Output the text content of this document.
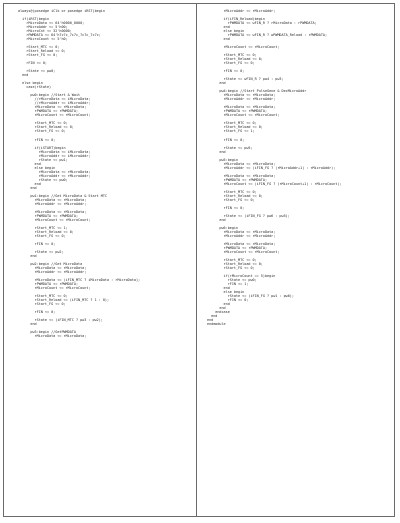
always@(posedge iClk or posedge iRST)begin
if(iRST)begin
rMicroData <= 64'h0000_0000;
rMicroAddr <= 5'h00;
rMicroCnt <= 32'h0000;
rPWMDATA <= 64'h7c7c_7c7c_7c7c_7c7c;
rMicroCount <= 5'h0;
rStart_MTC <= 0;
rStart_Reload <= 0;
rStart_FG <= 0;
rFIN <= 0;
rState <= pw0;
end
else begin
case(rState)
pw0:begin //Start & Wait
//rMicroData <= iMicroData;
//rMicroAddr <= iMicroAddr;
rMicroData <= rMicroData;
rPWMDATA <= rPWMDATA;
rMicroCount <= rMicroCount;
rStart_MTC <= 0;
rStart_Reload <= 0;
rStart_FG <= 0;
rFIN <= 0;
if(iSTART)begin
rMicroData <= iMicroData;
rMicroAddr <= iMicroAddr;
rState <= pw1;
end
else begin
rMicroData <= rMicroData;
rMicroAddr <= rMicroAddr;
rState <= pw0;
end
end
pw1:begin //Get MicroData & Start MTC
rMicroData <= rMicroData;
rMicroAddr <= rMicroAddr;
rMicroData <= rMicroData;
rPWMDATA <= rPWMDATA;
rMicroCount <= rMicroCount;
rStart_MTC <= 1;
rStart_Reload <= 0;
rStart_FG <= 0;
rFIN <= 0;
rState <= pw2;
end
pw2:begin //Get MicroData
rMicroData <= rMicroData;
rMicroAddr <= rMicroAddr;
rMicroData <= (iFIN_MTC ? iMicroData : rMicroData);
rPWMDATA <= rPWMDATA;
rMicroCount <= rMicroCount;
rStart_MTC <= 0;
rStart_Reload <= (iFIN_MTC ? 1 : 0);
rStart_FG <= 0;
rFIN <= 0;
rState <= (iFIN_MTC ? pw3 : pw2);
end
pw3:begin //GetPWMDATA
rMicroData <= rMicroData;
rMicroAddr <= rMicroAddr;
if(iFIN_Reload)begin
rPWMDATA <= wFIN_R ? rMicroData : rPWMDATA;
end
else begin
rPWMDATA <= wFIN_R ? wPWMDATA_Reload : rPWMDATA;
end
rMicroCount <= rMicroCount;
rStart_MTC <= 0;
rStart_Reload <= 0;
rStart_FG <= 0;
rFIN <= 0;
rState <= wFIN_R ? pw4 : pw3;
end
pw4:begin //Start PulseGene & DecMicroAddr
rMicroData <= rMicroData;
rMicroAddr <= rMicroAddr;
rMicroData <= rMicroData;
rPWMDATA <= rPWMDATA;
rMicroCount <= rMicroCount;
rStart_MTC <= 0;
rStart_Reload <= 0;
rStart_FG <= 1;
rFIN <= 0;
rState <= pw5;
end
pw5:begin
rMicroData <= rMicroData;
rMicroAddr <= (iFIN_FG ? (rMicroAddr+1) : rMicroAddr);
rMicroData <= rMicroData;
rPWMDATA <= rPWMDATA;
rMicroCount <= (iFIN_FG ? (rMicroCount+1) : rMicroCount);
rStart_MTC <= 0;
rStart_Reload <= 0;
rStart_FG <= 0;
rFIN <= 0;
rState <= (iFIN_FG ? pw6 : pw5);
end
pw6:begin
rMicroData <= rMicroData;
rMicroAddr <= rMicroAddr;
rMicroData <= rMicroData;
rPWMDATA <= rPWMDATA;
rMicroCount <= rMicroCount;
rStart_MTC <= 0;
rStart_Reload <= 0;
rStart_FG <= 0;
if(rMicroCount == 5)begin
rState <= pw0;
rFIN <= 1;
end
else begin
rState <= (iFIN_FG ? pw1 : pw6);
rFIN <= 0;
end
end
endcase
end
end
endmodule
